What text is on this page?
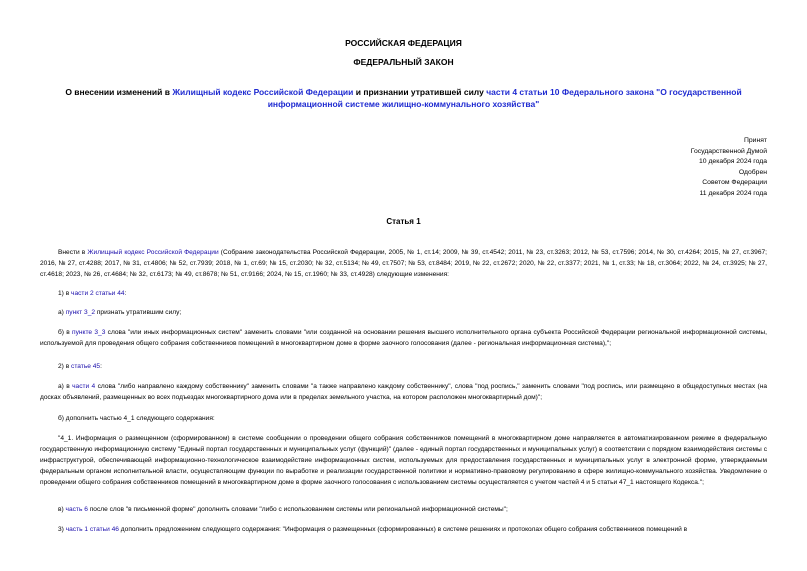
РОССИЙСКАЯ ФЕДЕРАЦИЯ
ФЕДЕРАЛЬНЫЙ ЗАКОН
О внесении изменений в Жилищный кодекс Российской Федерации и признании утратившей силу части 4 статьи 10 Федерального закона "О государственной
информационной системе жилищно-коммунального хозяйства"
Принят
Государственной Думой
10 декабря 2024 года
Одобрен
Советом Федерации
11 декабря 2024 года
Статья 1
Внести в Жилищный кодекс Российской Федерации (Собрание законодательства Российской Федерации, 2005, № 1, ст.14; 2009, № 39, ст.4542; 2011, № 23, ст.3263; 2012, № 53, ст.7596; 2014, № 30, ст.4264; 2015, № 27, ст.3967; 2016, № 27, ст.4288; 2017, № 31, ст.4806; № 52, ст.7939; 2018, № 1, ст.69; № 15, ст.2030; № 32, ст.5134; № 49, ст.7507; № 53, ст.8484; 2019, № 22, ст.2672; 2020, № 22, ст.3377; 2021, № 1, ст.33; № 18, ст.3064; 2022, № 24, ст.3925; № 27, ст.4618; 2023, № 26, ст.4684; № 32, ст.6173; № 49, ст.8678; № 51, ст.9166; 2024, № 15, ст.1960; № 33, ст.4928) следующие изменения:
1) в части 2 статьи 44:
а) пункт 3_2 признать утратившим силу;
б) в пункте 3_3 слова "или иных информационных систем" заменить словами "или созданной на основании решения высшего исполнительного органа субъекта Российской Федерации региональной информационной системы, используемой для проведения общего собрания собственников помещений в многоквартирном доме в форме заочного голосования (далее - региональная информационная система),";
2) в статье 45:
а) в части 4 слова "либо направлено каждому собственнику" заменить словами "а также направлено каждому собственнику", слова "под роспись," заменить словами "под роспись, или размещено в общедоступных местах (на досках объявлений, размещенных во всех подъездах многоквартирного дома или в пределах земельного участка, на котором расположен многоквартирный дом)";
б) дополнить частью 4_1 следующего содержания:
"4_1. Информация о размещенном (сформированном) в системе сообщении о проведении общего собрания собственников помещений в многоквартирном доме направляется в автоматизированном режиме в федеральную государственную информационную систему "Единый портал государственных и муниципальных услуг (функций)" (далее - единый портал государственных и муниципальных услуг) в соответствии с порядком взаимодействия системы с инфраструктурой, обеспечивающей информационно-технологическое взаимодействие информационных систем, используемых для предоставления государственных и муниципальных услуг в электронной форме, утверждаемым федеральным органом исполнительной власти, осуществляющим функции по выработке и реализации государственной политики и нормативно-правовому регулированию в сфере жилищно-коммунального хозяйства. Уведомление о проведении общего собрания собственников помещений в многоквартирном доме в форме заочного голосования с использованием системы осуществляется с учетом частей 4 и 5 статьи 47_1 настоящего Кодекса.";
в) часть 6 после слов "в письменной форме" дополнить словами "либо с использованием системы или региональной информационной системы";
3) часть 1 статьи 46 дополнить предложением следующего содержания: "Информация о размещенных (сформированных) в системе решениях и протоколах общего собрания собственников помещений в
